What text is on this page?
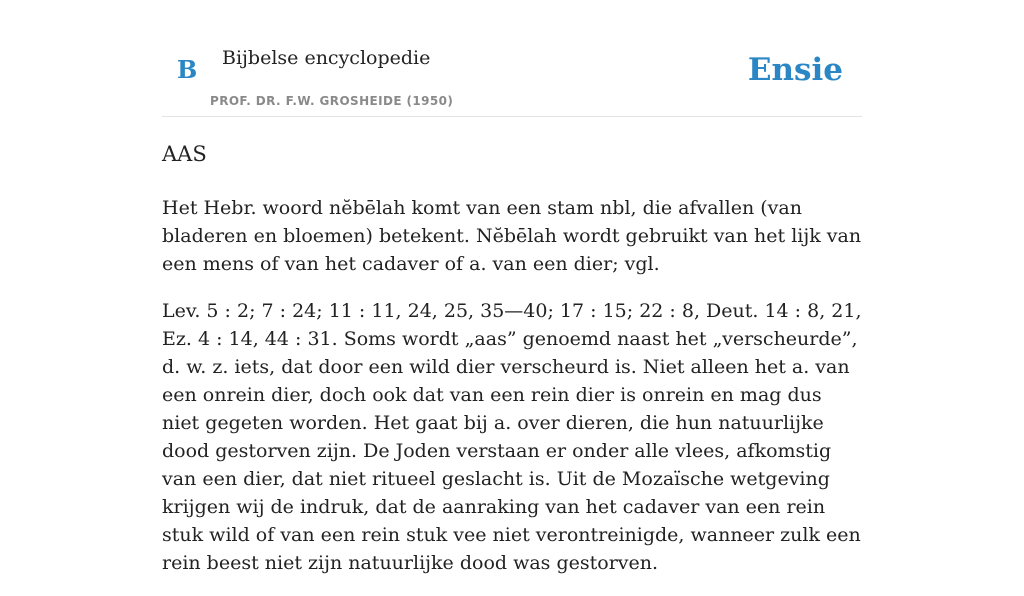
B Bijbelse encyclopedie
PROF. DR. F.W. GROSHEIDE (1950)
Ensie
AAS

Het Hebr. woord nĕbēlah komt van een stam nbl, die afvallen (van bladeren en bloemen) betekent. Nĕbēlah wordt gebruikt van het lijk van een mens of van het cadaver of a. van een dier; vgl.

Lev. 5 : 2; 7 : 24; 11 : 11, 24, 25, 35—40; 17 : 15; 22 : 8, Deut. 14 : 8, 21, Ez. 4 : 14, 44 : 31. Soms wordt „aas” genoemd naast het „verscheurde”, d. w. z. iets, dat door een wild dier verscheurd is. Niet alleen het a. van een onrein dier, doch ook dat van een rein dier is onrein en mag dus niet gegeten worden. Het gaat bij a. over dieren, die hun natuurlijke dood gestorven zijn. De Joden verstaan er onder alle vlees, afkomstig van een dier, dat niet ritueel geslacht is. Uit de Mozaïsche wetgeving krijgen wij de indruk, dat de aanraking van het cadaver van een rein stuk wild of van een rein stuk vee niet verontreinigde, wanneer zulk een rein beest niet zijn natuurlijke dood was gestorven.
